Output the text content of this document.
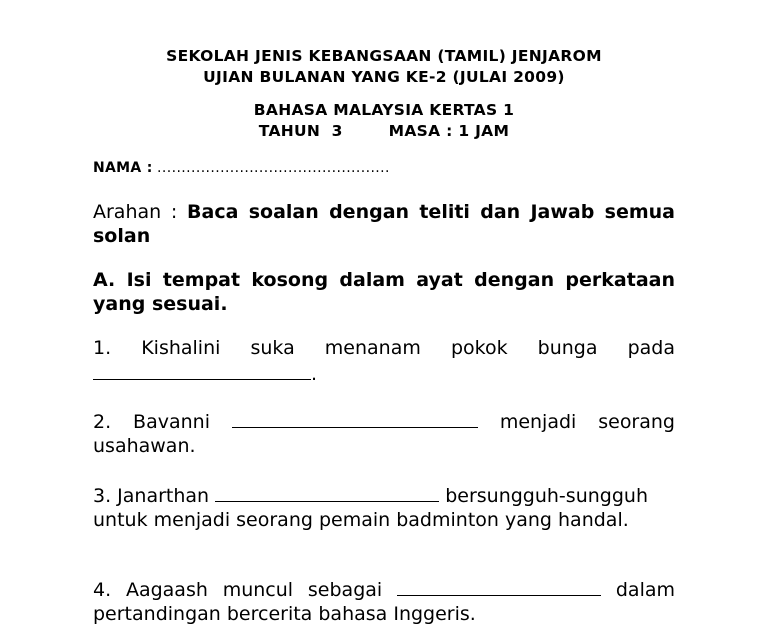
SEKOLAH JENIS KEBANGSAAN (TAMIL) JENJAROM
UJIAN BULANAN YANG KE-2 (JULAI 2009)
BAHASA MALAYSIA KERTAS 1
TAHUN  3	MASA : 1 JAM
NAMA : ................................................
Arahan : Baca soalan dengan teliti dan Jawab semua solan
A. Isi tempat kosong dalam ayat dengan perkataan yang sesuai.
1. Kishalini suka menanam pokok bunga pada .
2. Bavanni	menjadi seorang usahawan.
3. Janarthan	bersungguh-sungguh untuk menjadi seorang pemain badminton yang handal.
4. Aagaash muncul sebagai	dalam pertandingan bercerita bahasa Inggeris.
